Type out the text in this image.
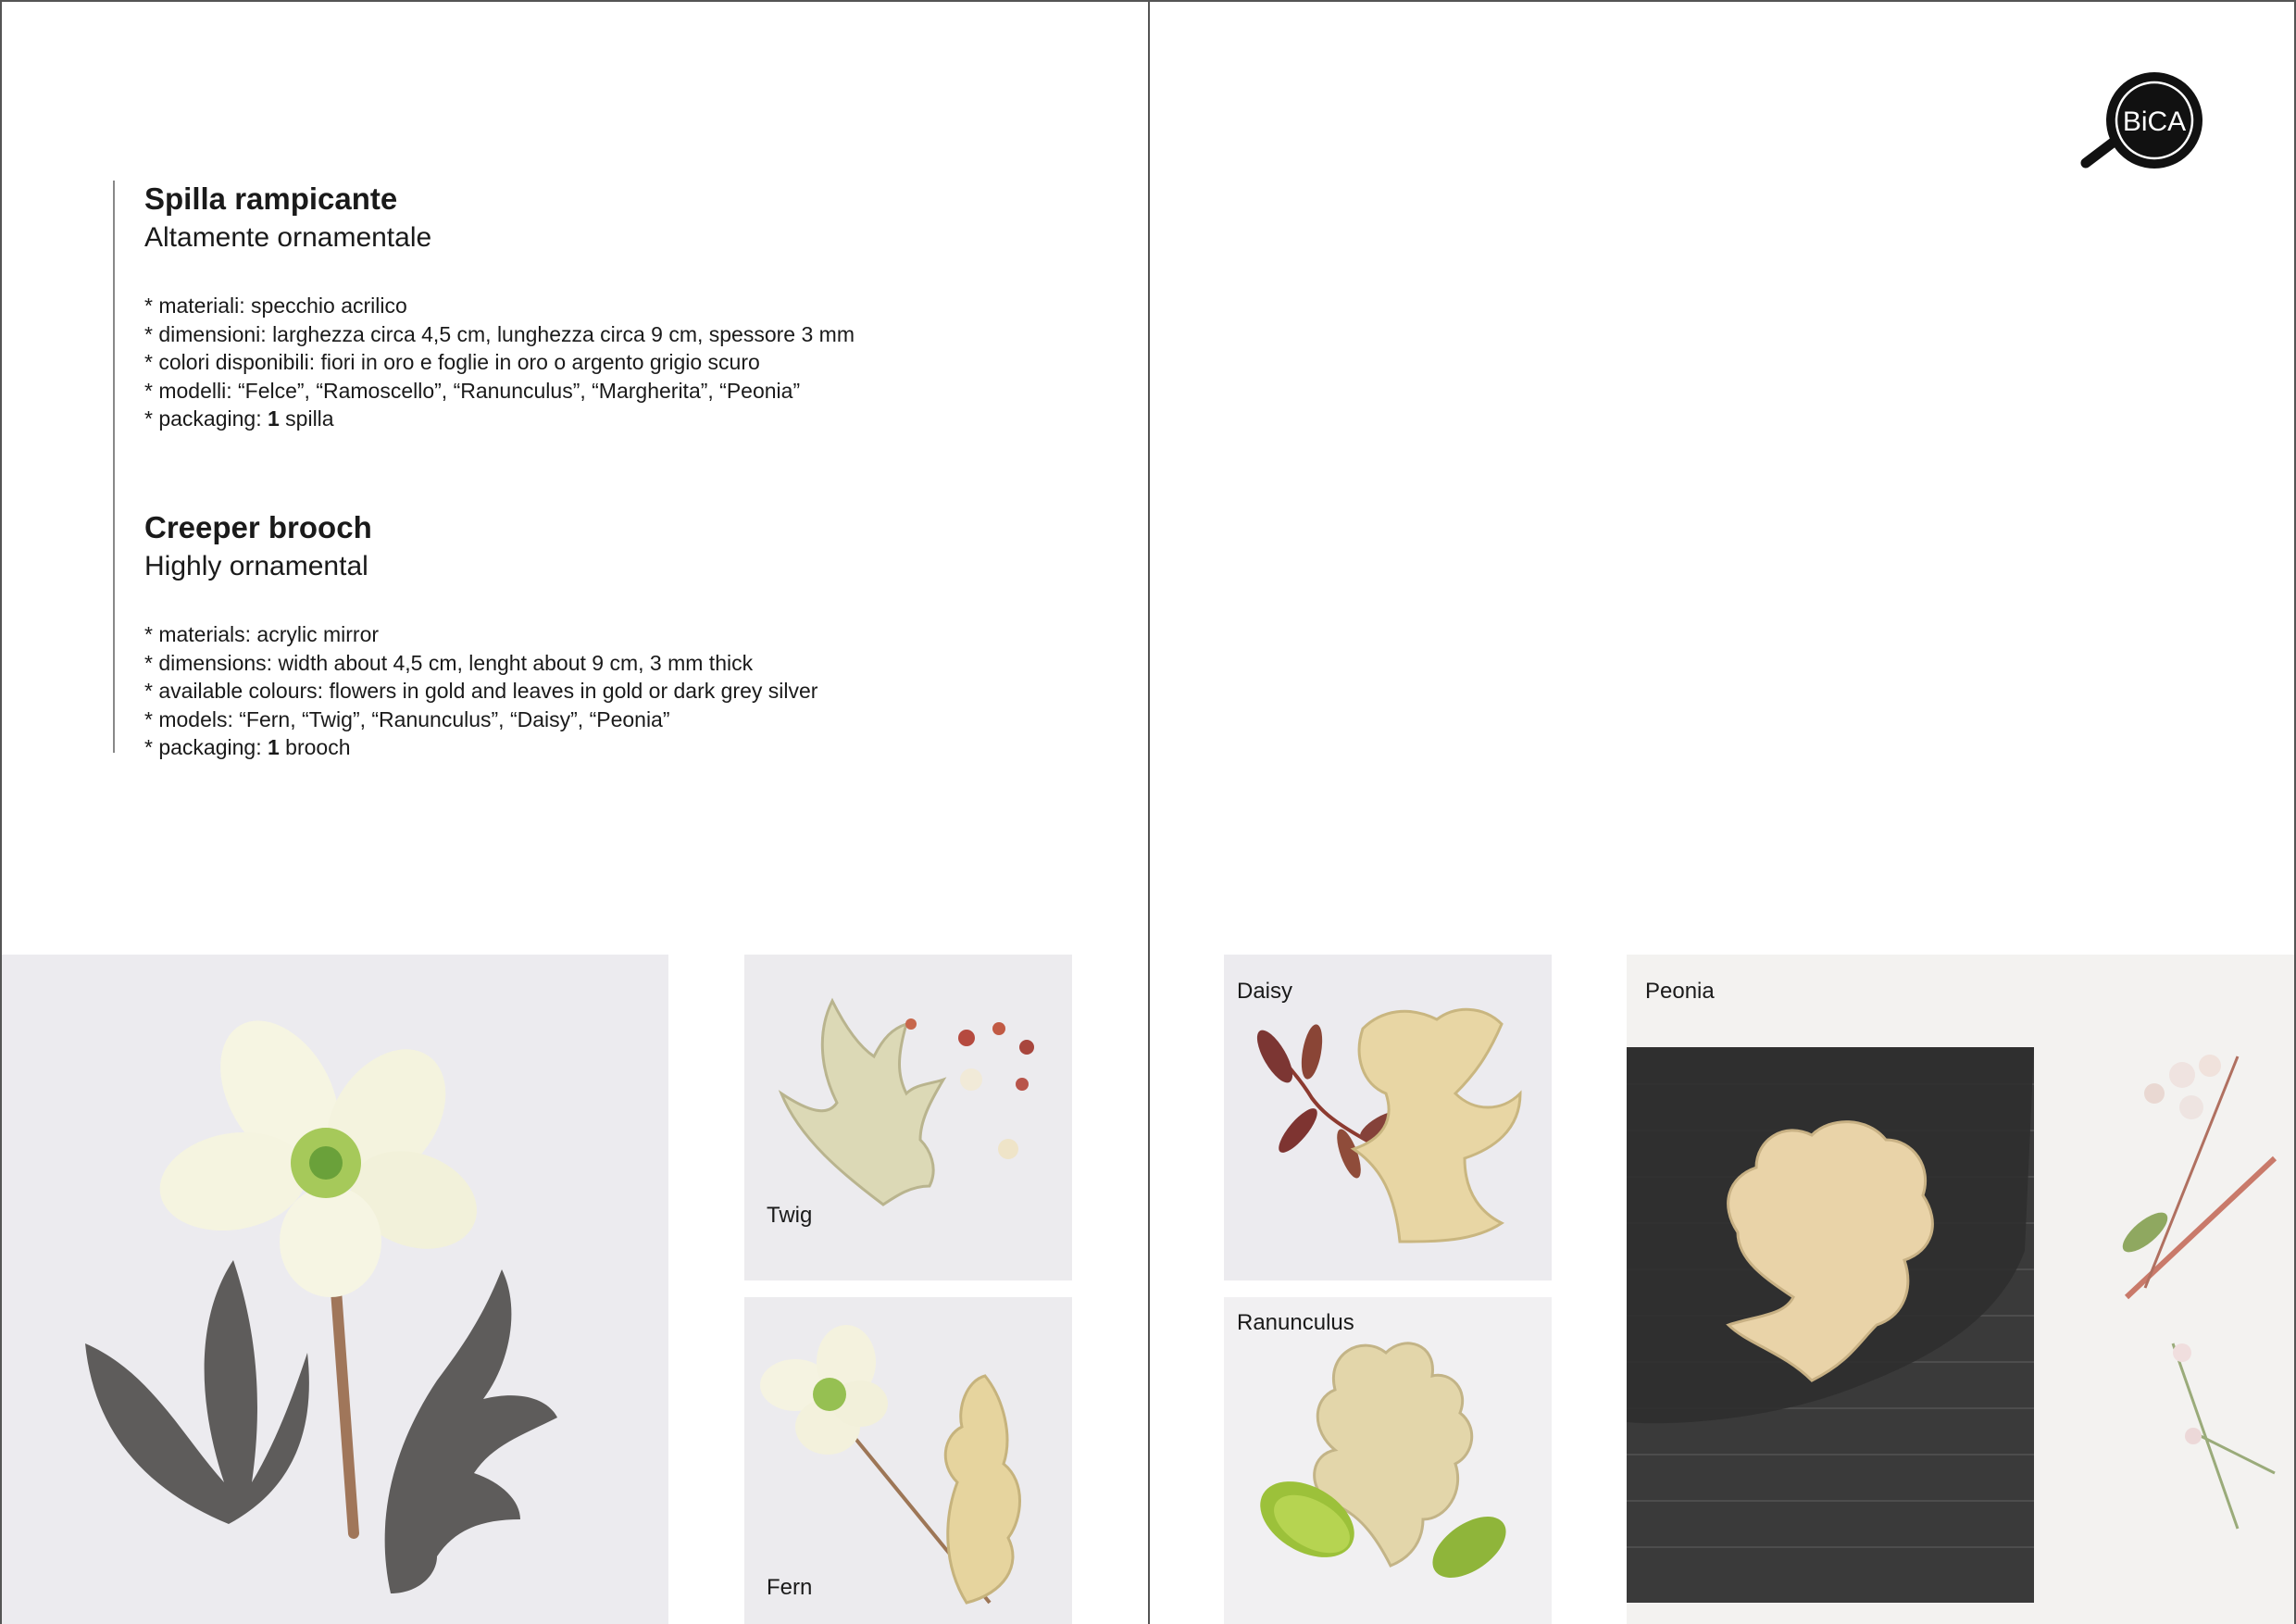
Spilla rampicante
Altamente ornamentale
* materiali: specchio acrilico
* dimensioni: larghezza circa 4,5 cm, lunghezza circa 9 cm, spessore 3 mm
* colori disponibili: fiori in oro e foglie in oro o argento grigio scuro
* modelli: “Felce”, “Ramoscello”, “Ranunculus”, “Margherita”, “Peonia”
* packaging: 1 spilla
Creeper brooch
Highly ornamental
* materials: acrylic mirror
* dimensions: width about 4,5 cm, lenght about 9 cm, 3 mm thick
* available colours: flowers in gold and leaves in gold or dark grey silver
* models: “Fern, “Twig”, “Ranunculus”, “Daisy”, “Peonia”
* packaging: 1 brooch
BiCA
Twig
Fern
Daisy
Ranunculus
Peonia
